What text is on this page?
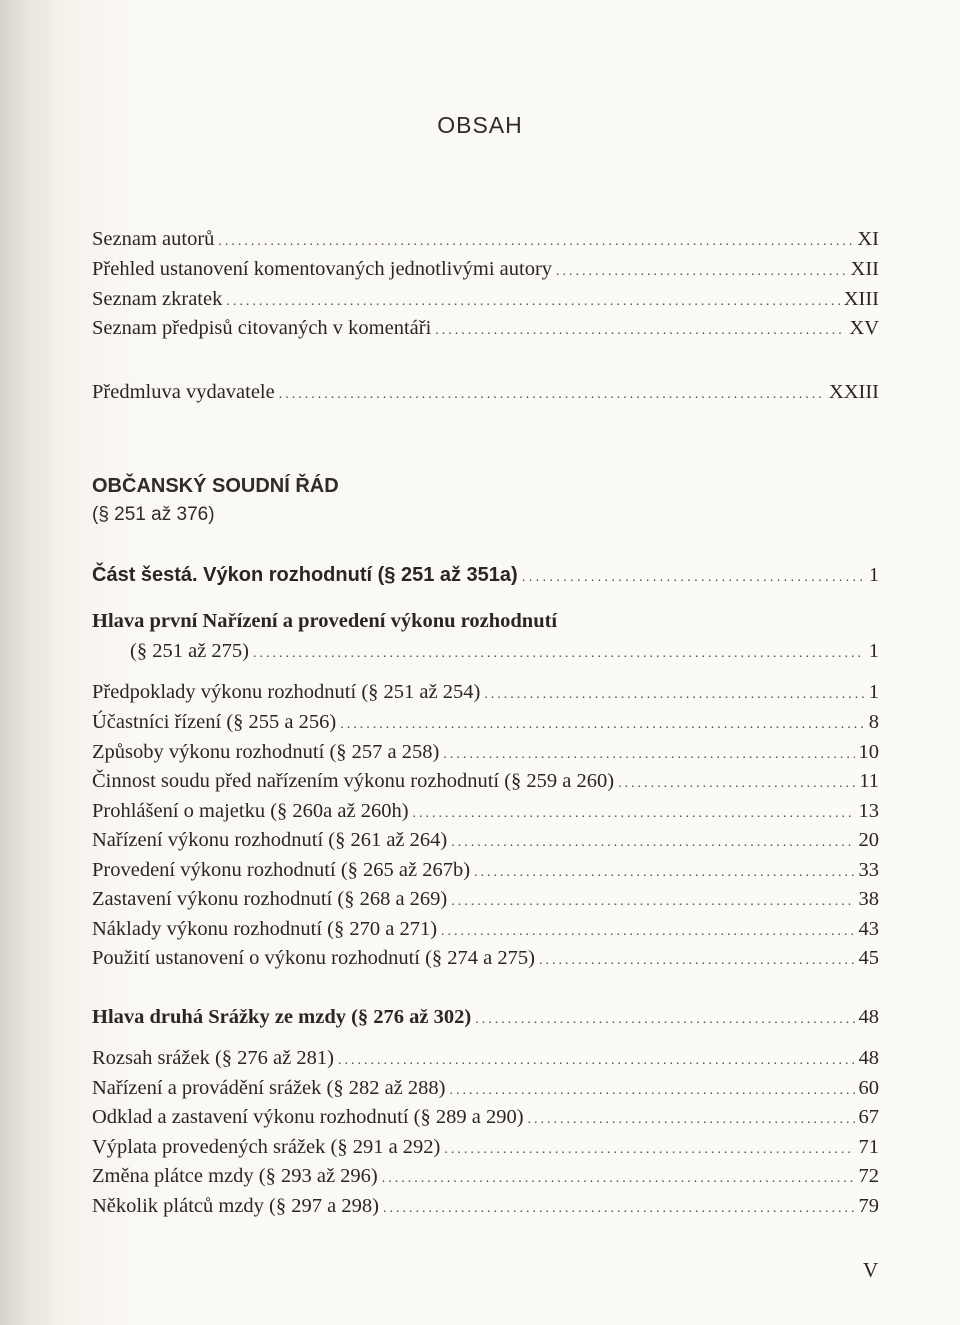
OBSAH
Seznam autorů .....	XI
Přehled ustanovení komentovaných jednotlivými autory .....	XII
Seznam zkratek .....	XIII
Seznam předpisů citovaných v komentáři .....	XV
Předmluva vydavatele .....	XXIII
OBČANSKÝ SOUDNÍ ŘÁD
(§ 251 až 376)
Část šestá. Výkon rozhodnutí (§ 251 až 351a) .....	1
Hlava první Nařízení a provedení výkonu rozhodnutí
(§ 251 až 275) .....	1
Předpoklady výkonu rozhodnutí (§ 251 až 254) .....	1
Účastníci řízení (§ 255 a 256) .....	8
Způsoby výkonu rozhodnutí (§ 257 a 258) .....	10
Činnost soudu před nařízením výkonu rozhodnutí (§ 259 a 260) .....	11
Prohlášení o majetku (§ 260a až 260h) .....	13
Nařízení výkonu rozhodnutí (§ 261 až 264) .....	20
Provedení výkonu rozhodnutí (§ 265 až 267b) .....	33
Zastavení výkonu rozhodnutí (§ 268 a 269) .....	38
Náklady výkonu rozhodnutí (§ 270 a 271) .....	43
Použití ustanovení o výkonu rozhodnutí (§ 274 a 275) .....	45
Hlava druhá Srážky ze mzdy (§ 276 až 302) .....	48
Rozsah srážek (§ 276 až 281) .....	48
Nařízení a provádění srážek (§ 282 až 288) .....	60
Odklad a zastavení výkonu rozhodnutí (§ 289 a 290) .....	67
Výplata provedených srážek (§ 291 a 292) .....	71
Změna plátce mzdy (§ 293 až 296) .....	72
Několik plátců mzdy (§ 297 a 298) .....	79
V
